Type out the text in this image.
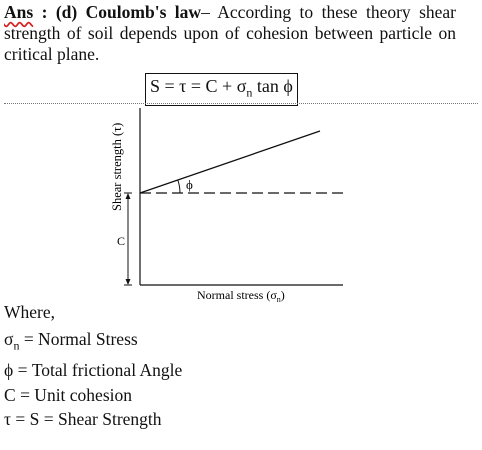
Ans : (d) Coulomb's law– According to these theory shear strength of soil depends upon of cohesion between particle on critical plane.
$S = \tau = C + \sigma_n$ tan ϕ
C
ϕ
Shear strength (τ)
Normal stress $(\sigma_n)$
Where,
$\sigma_n$ = Normal Stress
ϕ = Total frictional Angle
C = Unit cohesion
τ = S = Shear Strength
